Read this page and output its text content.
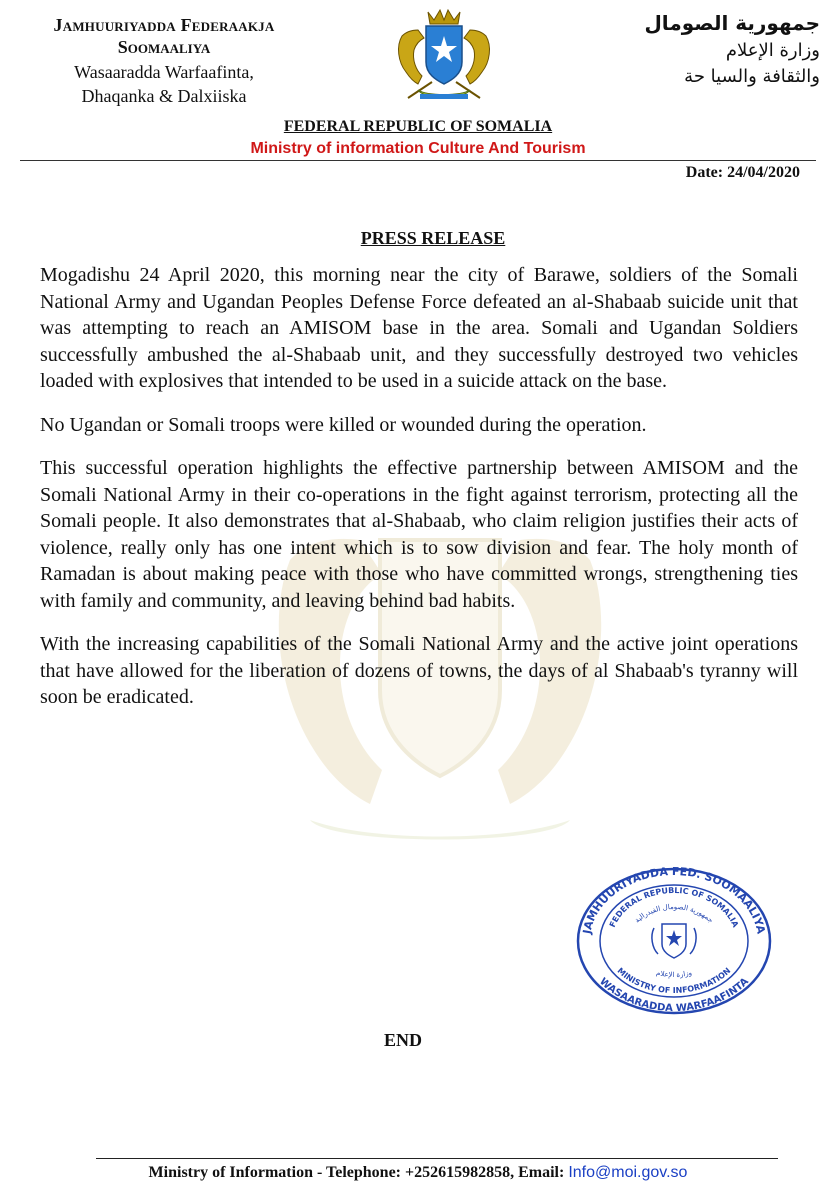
Jamhuuriyadda Federaakja
Soomaaliya
Wasaaradda Warfaafinta,
Dhaqanka & Dalxiiska
جمهورية الصومال
وزارة الإعلام
والثقافة والسيا حة
FEDERAL REPUBLIC OF SOMALIA
Ministry of information Culture And Tourism
Date: 24/04/2020
PRESS RELEASE

Mogadishu 24 April 2020, this morning near the city of Barawe, soldiers of the Somali National Army and Ugandan Peoples Defense Force defeated an al-Shabaab suicide unit that was attempting to reach an AMISOM base in the area. Somali and Ugandan Soldiers successfully ambushed the al-Shabaab unit, and they successfully destroyed two vehicles loaded with explosives that intended to be used in a suicide attack on the base.

No Ugandan or Somali troops were killed or wounded during the operation.

This successful operation highlights the effective partnership between AMISOM and the Somali National Army in their co-operations in the fight against terrorism, protecting all the Somali people. It also demonstrates that al-Shabaab, who claim religion justifies their acts of violence, really only has one intent which is to sow division and fear. The holy month of Ramadan is about making peace with those who have committed wrongs, strengthening ties with family and community, and leaving behind bad habits.

With the increasing capabilities of the Somali National Army and the active joint operations that have allowed for the liberation of dozens of towns, the days of al Shabaab's tyranny will soon be eradicated.

JAMHUURIYADDA FED. SOOMAALIYA
FEDERAL REPUBLIC OF SOMALIA
جمهورية الصومال الفيدرالية
وزارة الإعلام
MINISTRY OF INFORMATION
WASAARADDA WARFAAFINTA
END
Ministry of Information - Telephone: +252615982858, Email: Info@moi.gov.so
